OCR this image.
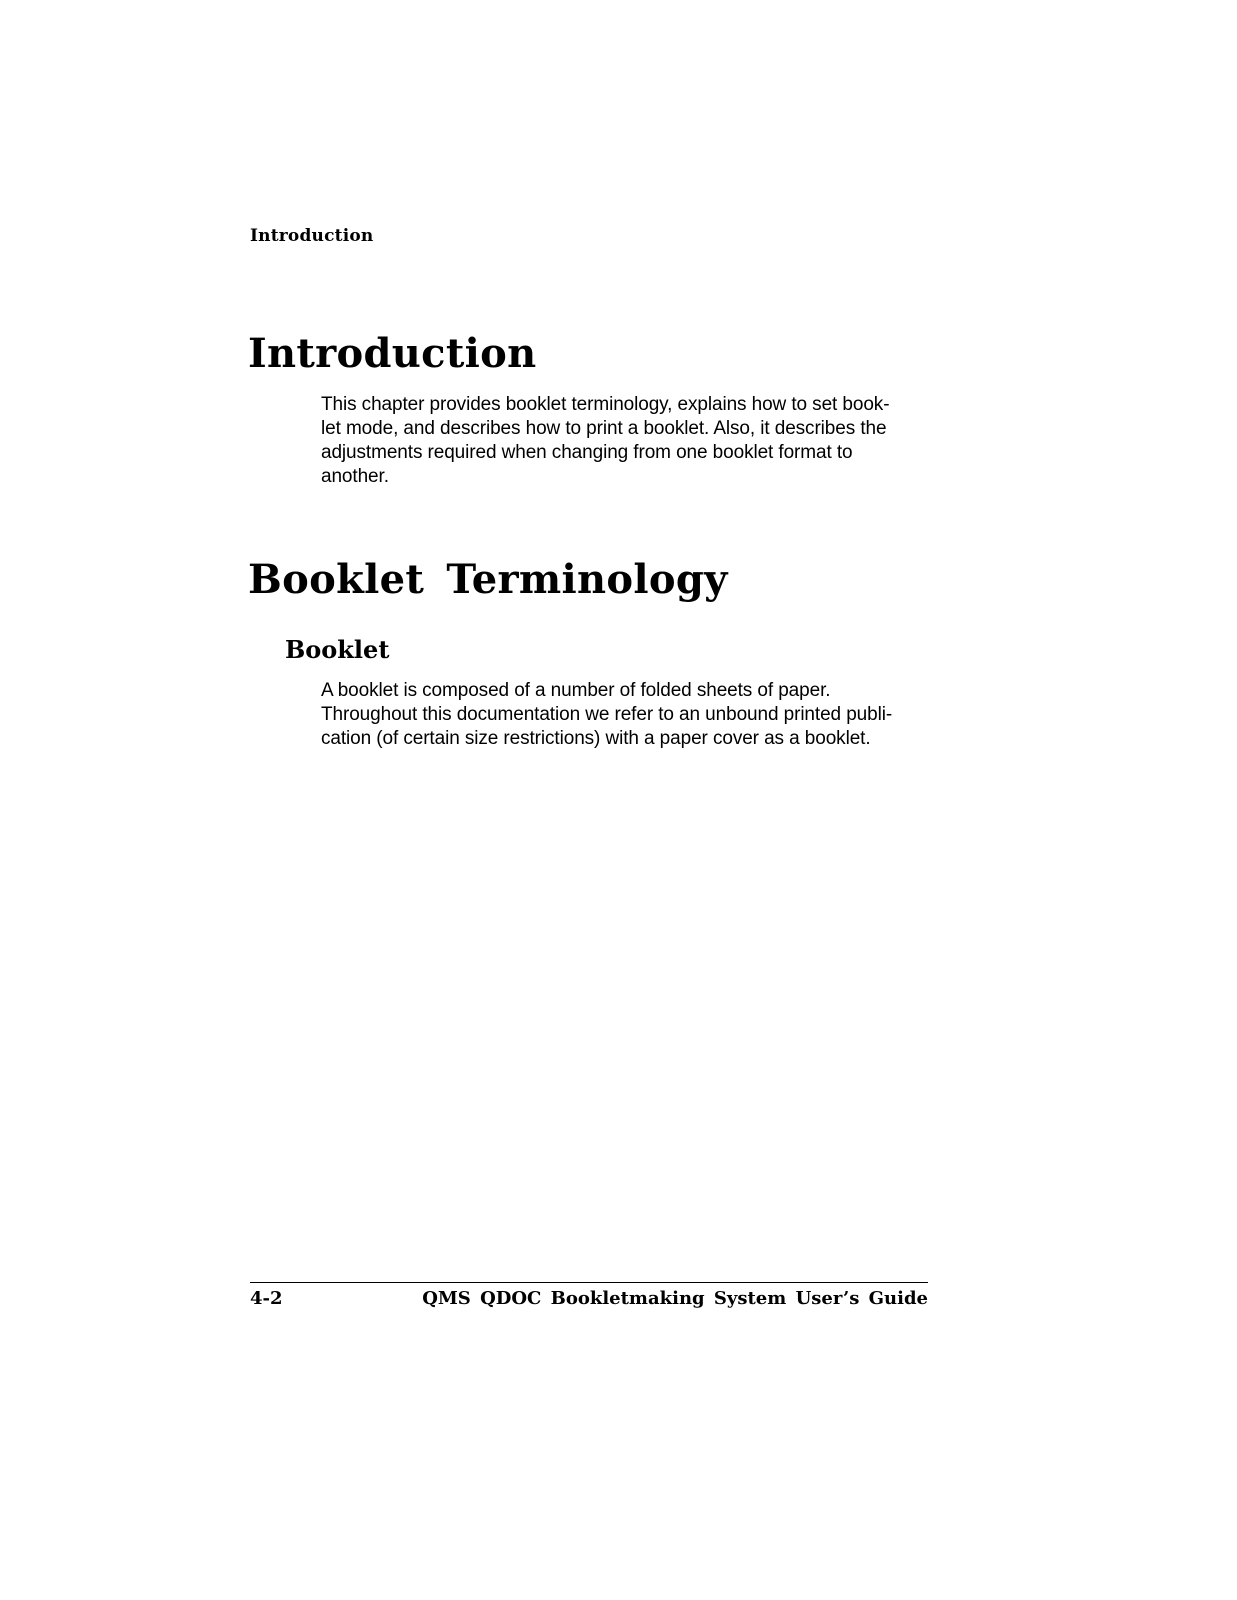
Introduction
Introduction

This chapter provides booklet terminology, explains how to set book-
let mode, and describes how to print a booklet. Also, it describes the
adjustments required when changing from one booklet format to
another.

Booklet Terminology
Booklet

A booklet is composed of a number of folded sheets of paper.
Throughout this documentation we refer to an unbound printed publi-
cation (of certain size restrictions) with a paper cover as a booklet.

4-2	QMS QDOC Bookletmaking System User’s Guide
